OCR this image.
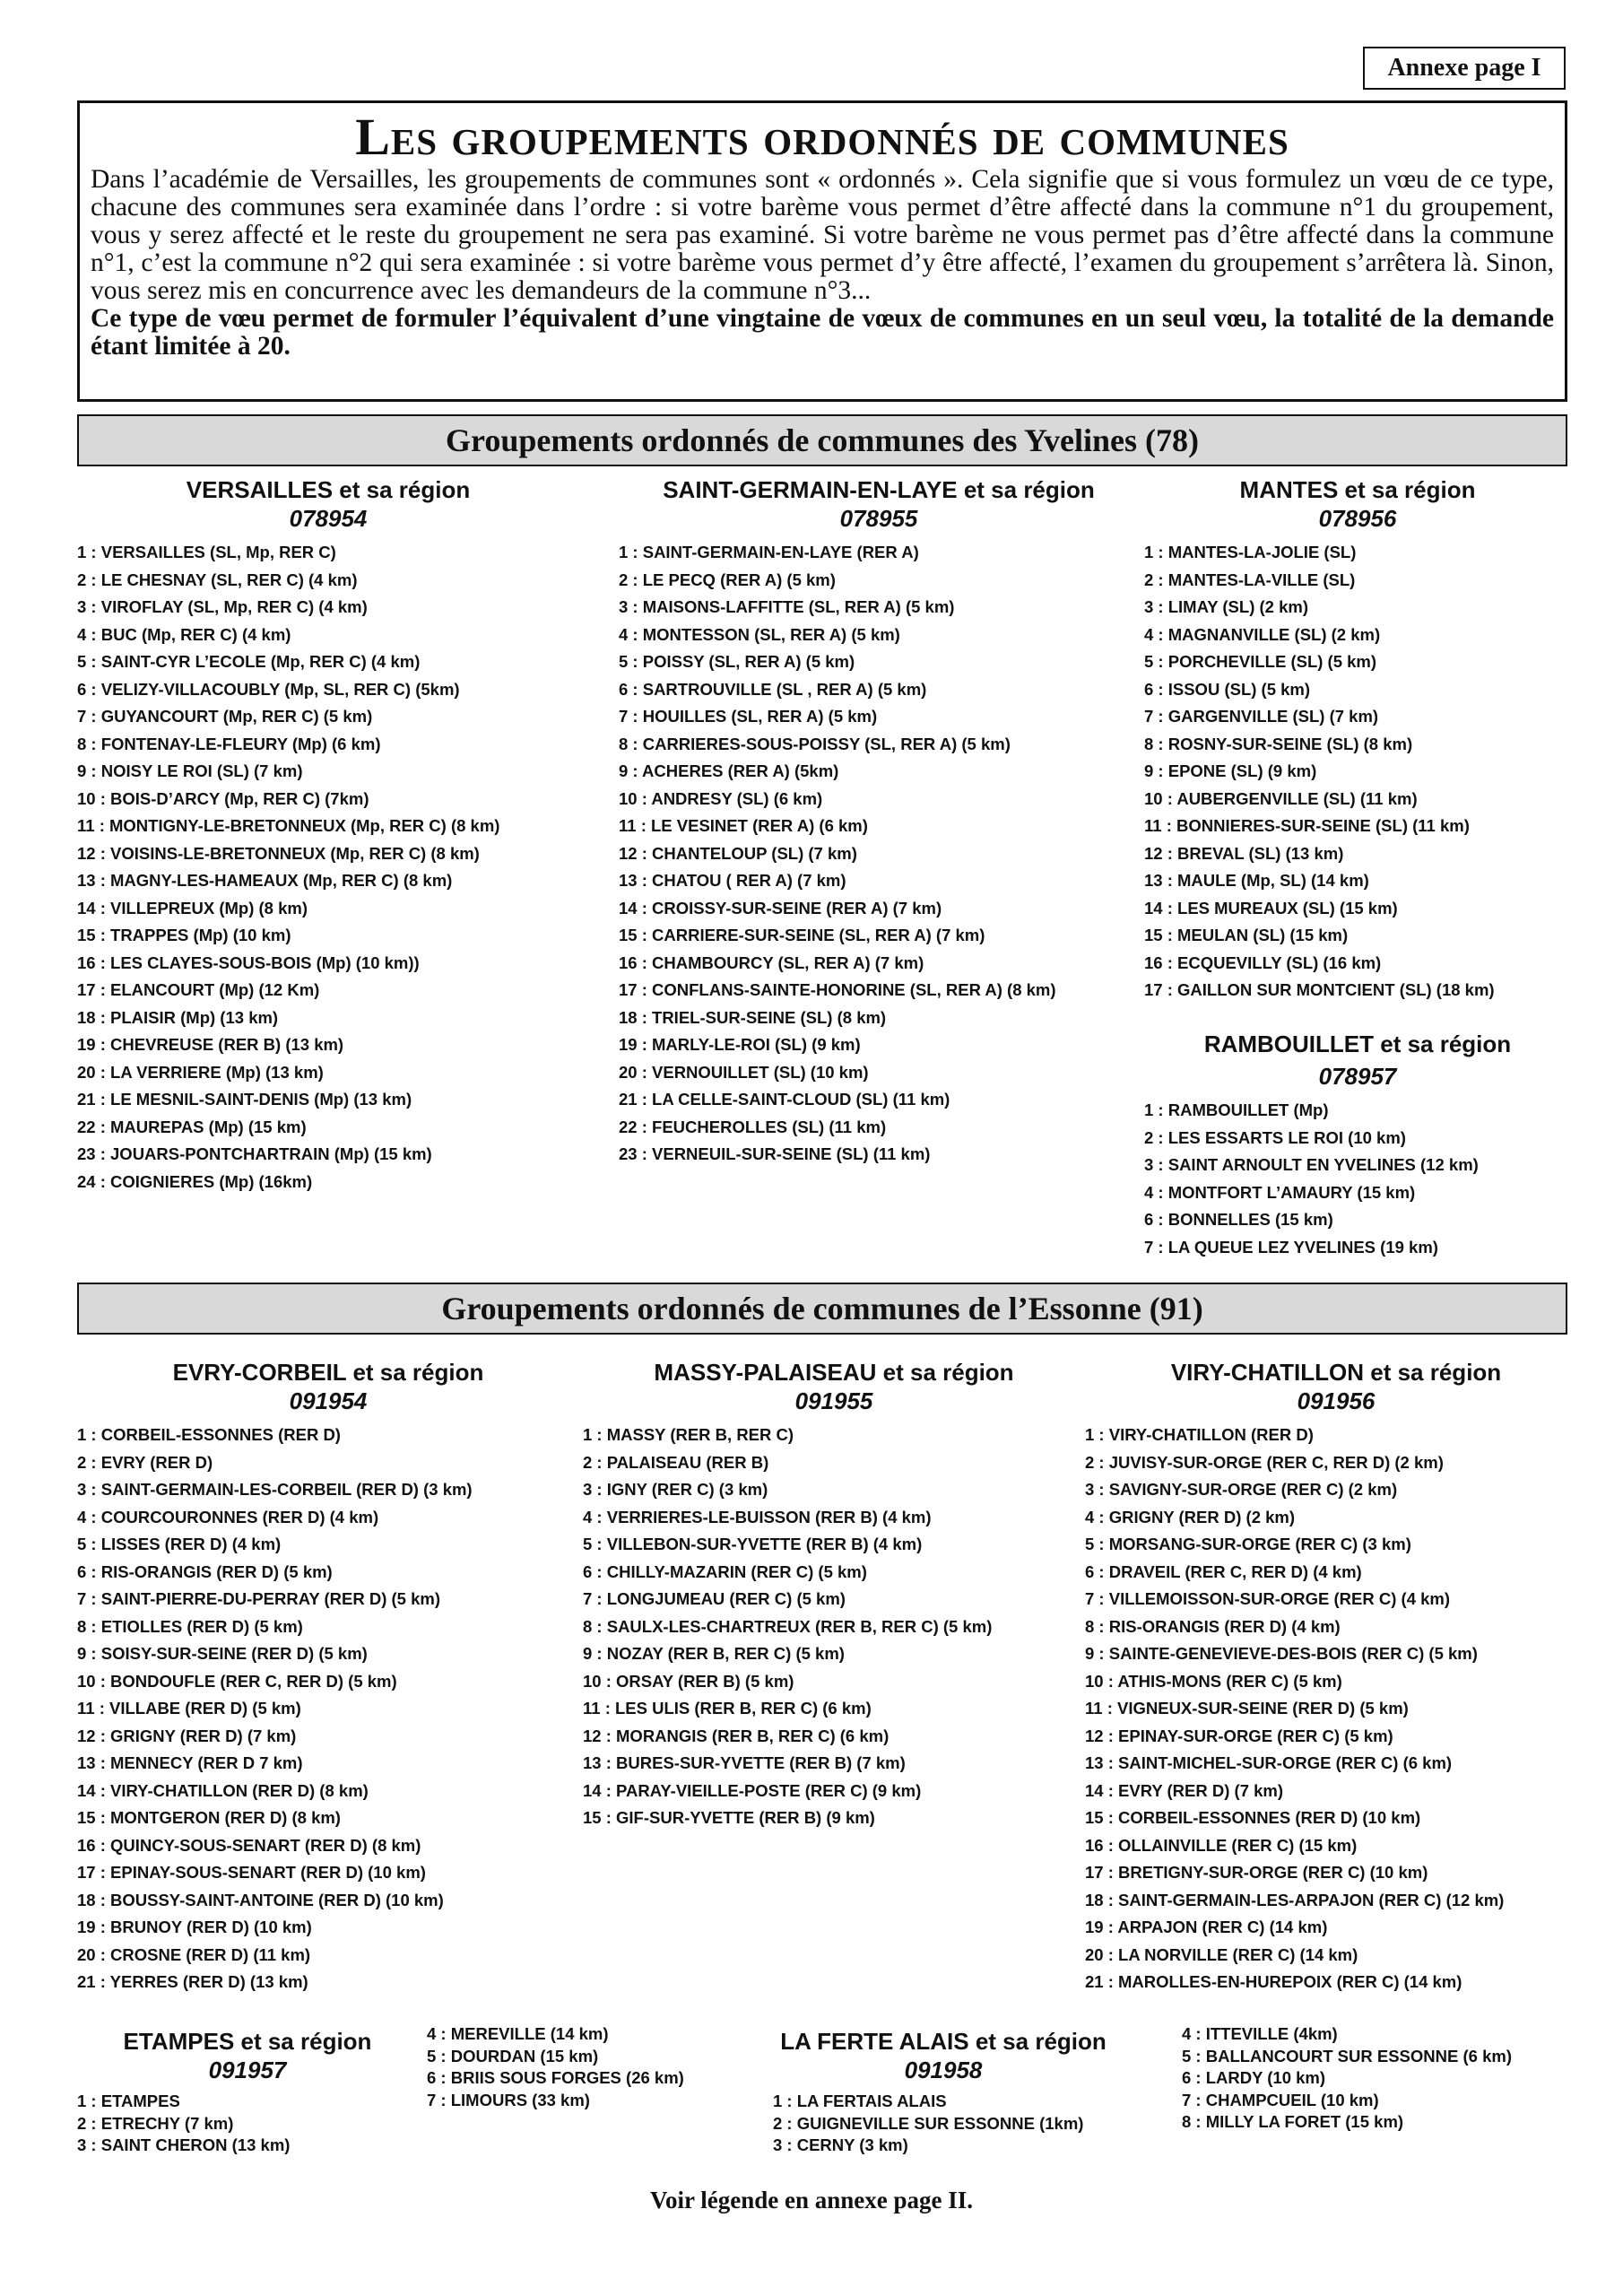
Annexe page I
Les groupements ordonnés de communes

Dans l’académie de Versailles, les groupements de communes sont « ordonnés ». Cela signifie que si vous formulez un vœu de ce type, chacune des communes sera examinée dans l’ordre : si votre barème vous permet d’être affecté dans la commune n°1 du groupement, vous y serez affecté et le reste du groupement ne sera pas examiné. Si votre barème ne vous permet pas d’être affecté dans la commune n°1, c’est la commune n°2 qui sera examinée : si votre barème vous permet d’y être affecté, l’examen du groupement s’arrêtera là. Sinon, vous serez mis en concurrence avec les demandeurs de la commune n°3...

Ce type de vœu permet de formuler l’équivalent d’une vingtaine de vœux de communes en un seul vœu, la totalité de la demande étant limitée à 20.

Groupements ordonnés de communes des Yvelines (78)
VERSAILLES et sa région
078954
1 : VERSAILLES (SL, Mp, RER C)
2 : LE CHESNAY (SL, RER C) (4 km)
3 : VIROFLAY (SL, Mp, RER C) (4 km)
4 : BUC (Mp, RER C) (4 km)
5 : SAINT-CYR L’ECOLE (Mp, RER C) (4 km)
6 : VELIZY-VILLACOUBLY (Mp, SL, RER C) (5km)
7 : GUYANCOURT (Mp, RER C) (5 km)
8 : FONTENAY-LE-FLEURY (Mp) (6 km)
9 : NOISY LE ROI (SL) (7 km)
10 : BOIS-D’ARCY (Mp, RER C) (7km)
11 : MONTIGNY-LE-BRETONNEUX (Mp, RER C) (8 km)
12 : VOISINS-LE-BRETONNEUX (Mp, RER C) (8 km)
13 : MAGNY-LES-HAMEAUX (Mp, RER C) (8 km)
14 : VILLEPREUX (Mp) (8 km)
15 : TRAPPES (Mp) (10 km)
16 : LES CLAYES-SOUS-BOIS (Mp) (10 km))
17 : ELANCOURT (Mp) (12 Km)
18 : PLAISIR (Mp) (13 km)
19 : CHEVREUSE (RER B) (13 km)
20 : LA VERRIERE (Mp) (13 km)
21 : LE MESNIL-SAINT-DENIS (Mp) (13 km)
22 : MAUREPAS (Mp) (15 km)
23 : JOUARS-PONTCHARTRAIN (Mp) (15 km)
24 : COIGNIERES (Mp) (16km)
SAINT-GERMAIN-EN-LAYE et sa région
078955
1 : SAINT-GERMAIN-EN-LAYE (RER A)
2 : LE PECQ (RER A) (5 km)
3 : MAISONS-LAFFITTE (SL, RER A) (5 km)
4 : MONTESSON (SL, RER A) (5 km)
5 : POISSY (SL, RER A) (5 km)
6 : SARTROUVILLE (SL , RER A) (5 km)
7 : HOUILLES (SL, RER A) (5 km)
8 : CARRIERES-SOUS-POISSY (SL, RER A) (5 km)
9 : ACHERES (RER A) (5km)
10 : ANDRESY (SL) (6 km)
11 : LE VESINET (RER A) (6 km)
12 : CHANTELOUP (SL) (7 km)
13 : CHATOU ( RER A) (7 km)
14 : CROISSY-SUR-SEINE (RER A) (7 km)
15 : CARRIERE-SUR-SEINE (SL, RER A) (7 km)
16 : CHAMBOURCY (SL, RER A) (7 km)
17 : CONFLANS-SAINTE-HONORINE (SL, RER A) (8 km)
18 : TRIEL-SUR-SEINE (SL) (8 km)
19 : MARLY-LE-ROI (SL) (9 km)
20 : VERNOUILLET (SL) (10 km)
21 : LA CELLE-SAINT-CLOUD (SL) (11 km)
22 : FEUCHEROLLES (SL) (11 km)
23 : VERNEUIL-SUR-SEINE (SL) (11 km)
MANTES et sa région
078956
1 : MANTES-LA-JOLIE (SL)
2 : MANTES-LA-VILLE (SL)
3 : LIMAY (SL) (2 km)
4 : MAGNANVILLE (SL) (2 km)
5 : PORCHEVILLE (SL) (5 km)
6 : ISSOU (SL) (5 km)
7 : GARGENVILLE (SL) (7 km)
8 : ROSNY-SUR-SEINE (SL) (8 km)
9 : EPONE (SL) (9 km)
10 : AUBERGENVILLE (SL) (11 km)
11 : BONNIERES-SUR-SEINE (SL) (11 km)
12 : BREVAL (SL) (13 km)
13 : MAULE (Mp, SL) (14 km)
14 : LES MUREAUX (SL) (15 km)
15 : MEULAN (SL) (15 km)
16 : ECQUEVILLY (SL) (16 km)
17 : GAILLON SUR MONTCIENT (SL) (18 km)
RAMBOUILLET et sa région
078957
1 : RAMBOUILLET (Mp)
2 : LES ESSARTS LE ROI (10 km)
3 : SAINT ARNOULT EN YVELINES (12 km)
4 : MONTFORT L’AMAURY (15 km)
6 : BONNELLES (15 km)
7 : LA QUEUE LEZ YVELINES (19 km)
Groupements ordonnés de communes de l’Essonne (91)
EVRY-CORBEIL et sa région
091954
1 : CORBEIL-ESSONNES (RER D)
2 : EVRY (RER D)
3 : SAINT-GERMAIN-LES-CORBEIL (RER D) (3 km)
4 : COURCOURONNES (RER D) (4 km)
5 : LISSES (RER D) (4 km)
6 : RIS-ORANGIS (RER D) (5 km)
7 : SAINT-PIERRE-DU-PERRAY (RER D) (5 km)
8 : ETIOLLES (RER D) (5 km)
9 : SOISY-SUR-SEINE (RER D) (5 km)
10 : BONDOUFLE (RER C, RER D) (5 km)
11 : VILLABE (RER D) (5 km)
12 : GRIGNY (RER D) (7 km)
13 : MENNECY (RER D 7 km)
14 : VIRY-CHATILLON (RER D) (8 km)
15 : MONTGERON (RER D) (8 km)
16 : QUINCY-SOUS-SENART (RER D) (8 km)
17 : EPINAY-SOUS-SENART (RER D) (10 km)
18 : BOUSSY-SAINT-ANTOINE (RER D) (10 km)
19 : BRUNOY (RER D) (10 km)
20 : CROSNE (RER D) (11 km)
21 : YERRES (RER D) (13 km)
MASSY-PALAISEAU et sa région
091955
1 : MASSY (RER B, RER C)
2 : PALAISEAU (RER B)
3 : IGNY (RER C) (3 km)
4 : VERRIERES-LE-BUISSON (RER B) (4 km)
5 : VILLEBON-SUR-YVETTE (RER B) (4 km)
6 : CHILLY-MAZARIN (RER C) (5 km)
7 : LONGJUMEAU (RER C) (5 km)
8 : SAULX-LES-CHARTREUX (RER B, RER C) (5 km)
9 : NOZAY (RER B, RER C) (5 km)
10 : ORSAY (RER B) (5 km)
11 : LES ULIS (RER B, RER C) (6 km)
12 : MORANGIS (RER B, RER C) (6 km)
13 : BURES-SUR-YVETTE (RER B) (7 km)
14 : PARAY-VIEILLE-POSTE (RER C) (9 km)
15 : GIF-SUR-YVETTE (RER B) (9 km)
VIRY-CHATILLON et sa région
091956
1 : VIRY-CHATILLON (RER D)
2 : JUVISY-SUR-ORGE (RER C, RER D) (2 km)
3 : SAVIGNY-SUR-ORGE (RER C) (2 km)
4 : GRIGNY (RER D) (2 km)
5 : MORSANG-SUR-ORGE (RER C) (3 km)
6 : DRAVEIL (RER C, RER D) (4 km)
7 : VILLEMOISSON-SUR-ORGE (RER C) (4 km)
8 : RIS-ORANGIS (RER D) (4 km)
9 : SAINTE-GENEVIEVE-DES-BOIS (RER C) (5 km)
10 : ATHIS-MONS (RER C) (5 km)
11 : VIGNEUX-SUR-SEINE (RER D) (5 km)
12 : EPINAY-SUR-ORGE (RER C) (5 km)
13 : SAINT-MICHEL-SUR-ORGE (RER C) (6 km)
14 : EVRY (RER D) (7 km)
15 : CORBEIL-ESSONNES (RER D) (10 km)
16 : OLLAINVILLE (RER C) (15 km)
17 : BRETIGNY-SUR-ORGE (RER C) (10 km)
18 : SAINT-GERMAIN-LES-ARPAJON (RER C) (12 km)
19 : ARPAJON (RER C) (14 km)
20 : LA NORVILLE (RER C) (14 km)
21 : MAROLLES-EN-HUREPOIX (RER C) (14 km)
ETAMPES et sa région
091957
1 : ETAMPES
2 : ETRECHY (7 km)
3 : SAINT CHERON (13 km)
4 : MEREVILLE (14 km)
5 : DOURDAN (15 km)
6 : BRIIS SOUS FORGES (26 km)
7 : LIMOURS (33 km)
LA FERTE ALAIS et sa région
091958
1 : LA FERTAIS ALAIS
2 : GUIGNEVILLE SUR ESSONNE (1km)
3 : CERNY (3 km)
4 : ITTEVILLE (4km)
5 : BALLANCOURT SUR ESSONNE (6 km)
6 : LARDY (10 km)
7 : CHAMPCUEIL (10 km)
8 : MILLY LA FORET (15 km)
Voir légende en annexe page II.
